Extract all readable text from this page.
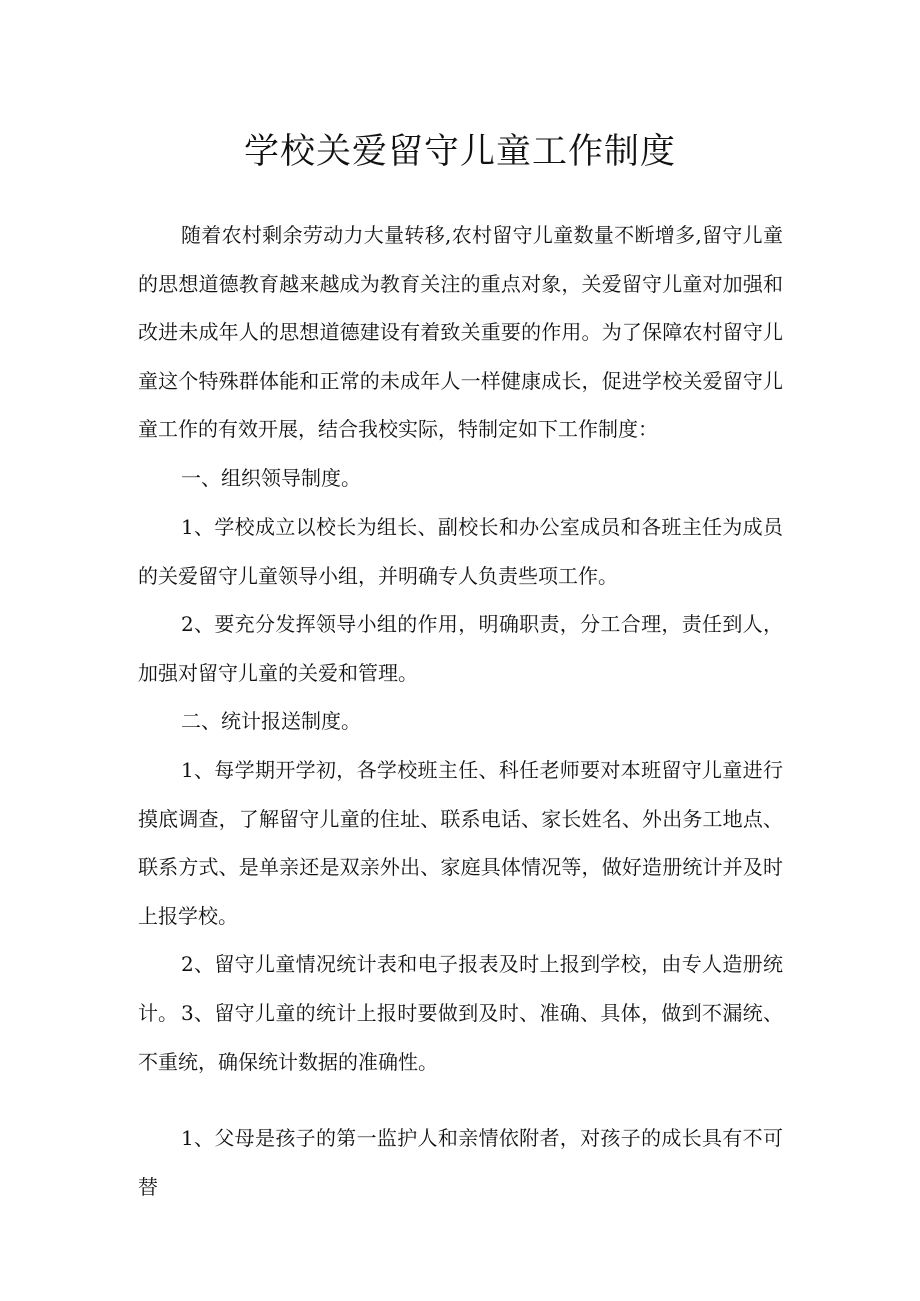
学校关爱留守儿童工作制度

随着农村剩余劳动力大量转移,农村留守儿童数量不断增多,留守儿童的思想道德教育越来越成为教育关注的重点对象，关爱留守儿童对加强和改进未成年人的思想道德建设有着致关重要的作用。为了保障农村留守儿童这个特殊群体能和正常的未成年人一样健康成长，促进学校关爱留守儿童工作的有效开展，结合我校实际，特制定如下工作制度：

一、组织领导制度。

1、学校成立以校长为组长、副校长和办公室成员和各班主任为成员的关爱留守儿童领导小组，并明确专人负责些项工作。

2、要充分发挥领导小组的作用，明确职责，分工合理，责任到人，加强对留守儿童的关爱和管理。

二、统计报送制度。

1、每学期开学初，各学校班主任、科任老师要对本班留守儿童进行摸底调查，了解留守儿童的住址、联系电话、家长姓名、外出务工地点、联系方式、是单亲还是双亲外出、家庭具体情况等，做好造册统计并及时上报学校。

2、留守儿童情况统计表和电子报表及时上报到学校，由专人造册统计。 3、留守儿童的统计上报时要做到及时、准确、具体，做到不漏统、不重统，确保统计数据的准确性。

1、父母是孩子的第一监护人和亲情依附者，对孩子的成长具有不可替
